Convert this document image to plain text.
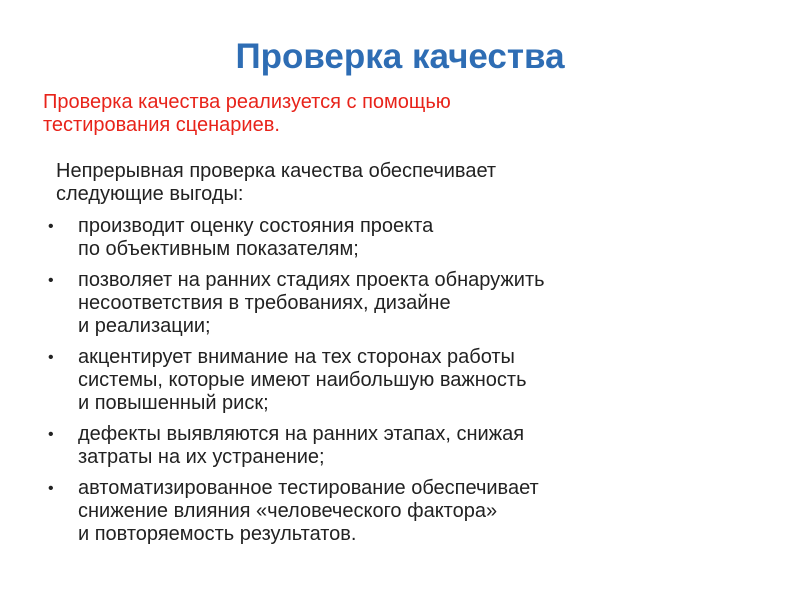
Проверка качества

Проверка качества реализуется с помощью
тестирования сценариев.

Непрерывная проверка качества обеспечивает
следующие выгоды:

•	производит оценку состояния проекта
по объективным показателям;
•	позволяет на ранних стадиях проекта обнаружить
несоответствия в требованиях, дизайне
и реализации;
•	акцентирует внимание на тех сторонах работы
системы, которые имеют наибольшую важность
и повышенный риск;
•	дефекты выявляются на ранних этапах, снижая
затраты на их устранение;
•	автоматизированное тестирование обеспечивает
снижение влияния «человеческого фактора»
и повторяемость результатов.
